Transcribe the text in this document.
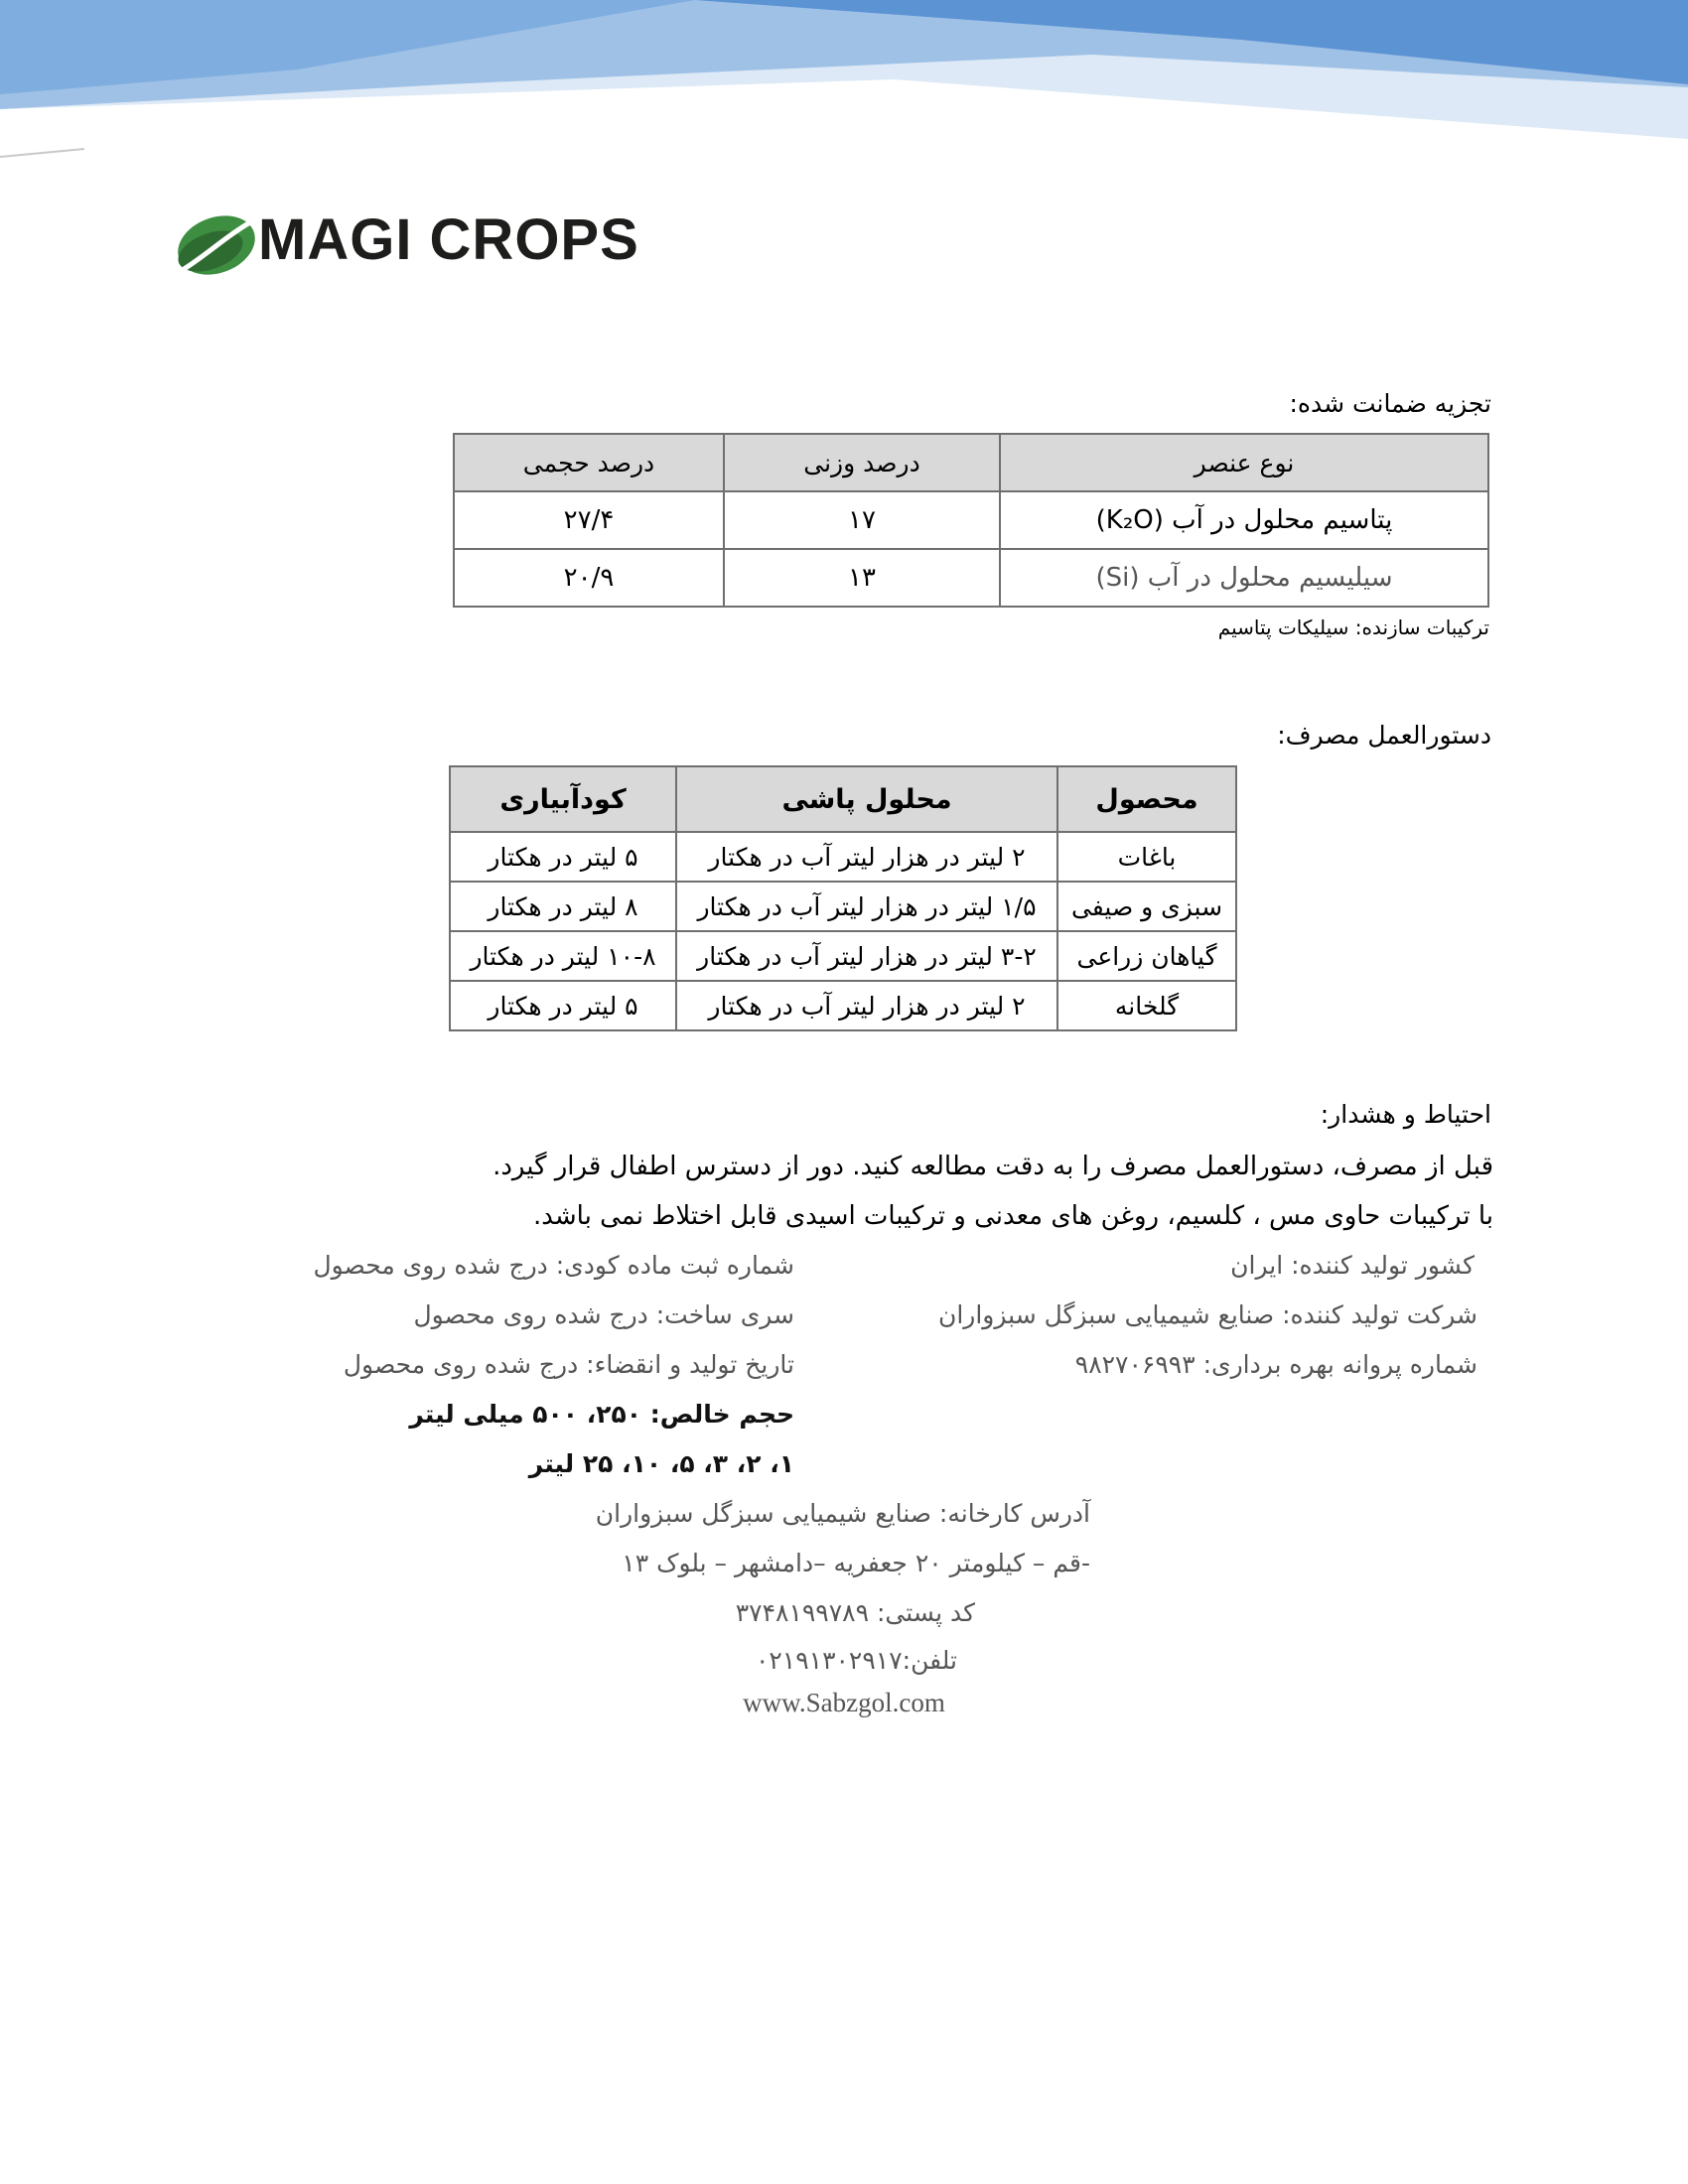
MAGI CROPS
تجزیه ضمانت شده:
نوع عنصر	درصد وزنی	درصد حجمی
پتاسیم محلول در آب (K₂O)	۱۷	۲۷/۴
سیلیسیم محلول در آب (Si)	۱۳	۲۰/۹
ترکیبات سازنده: سیلیکات پتاسیم
دستورالعمل مصرف:
محصول	محلول پاشی	کودآبیاری
باغات	۲ لیتر در هزار لیتر آب در هکتار	۵ لیتر در هکتار
سبزی و صیفی	۱/۵ لیتر در هزار لیتر آب در هکتار	۸ لیتر در هکتار
گیاهان زراعی	۳-۲ لیتر در هزار لیتر آب در هکتار	۱۰-۸ لیتر در هکتار
گلخانه	۲ لیتر در هزار لیتر آب در هکتار	۵ لیتر در هکتار
احتیاط و هشدار:
قبل از مصرف، دستورالعمل مصرف را به دقت مطالعه کنید. دور از دسترس اطفال قرار گیرد.
با ترکیبات حاوی مس ، کلسیم، روغن های معدنی و ترکیبات اسیدی قابل اختلاط نمی باشد.
کشور تولید کننده: ایران
شرکت تولید کننده: صنایع شیمیایی سبزگل سبزواران
شماره پروانه بهره برداری: ۹۸۲۷۰۶۹۹۳
شماره ثبت ماده کودی: درج شده روی محصول
سری ساخت: درج شده روی محصول
تاریخ تولید و انقضاء: درج شده روی محصول
حجم خالص: ۲۵۰، ۵۰۰ میلی لیتر
۱، ۲، ۳، ۵، ۱۰، ۲۵ لیتر
آدرس کارخانه: صنایع شیمیایی سبزگل سبزواران
-قم – کیلومتر ۲۰ جعفریه –دامشهر – بلوک ۱۳
کد پستی: ۳۷۴۸۱۹۹۷۸۹
تلفن:۰۲۱۹۱۳۰۲۹۱۷
www.Sabzgol.com
